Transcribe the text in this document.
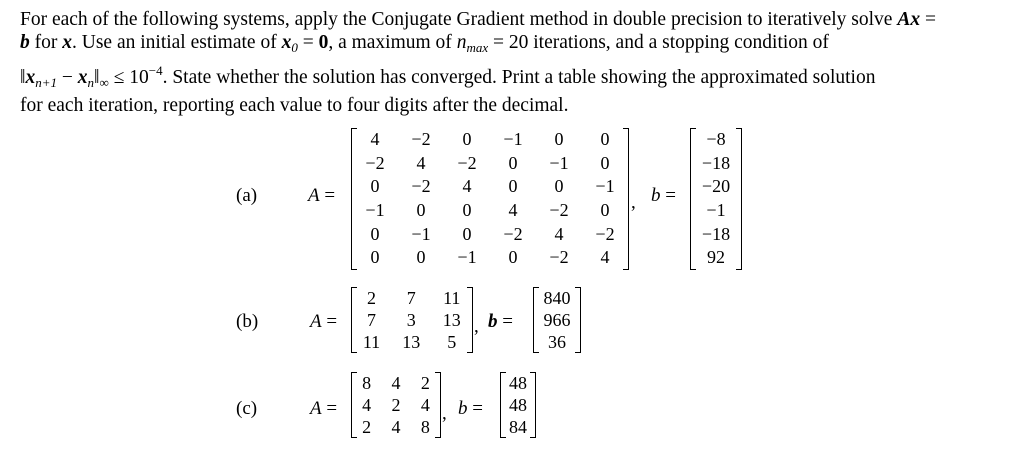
For each of the following systems, apply the Conjugate Gradient method in double precision to iteratively solve Ax =
b for x. Use an initial estimate of $x_0 = 0$, a maximum of $n_{max} = 20$ iterations, and a stopping condition of
$‖x_{n+1}$ − $x_n‖_\infty \le 10^{-4}$. State whether the solution has converged. Print a table showing the approximated solution
for each iteration, reporting each value to four digits after the decimal.
(a)	A =
4	−2	0	−1	0	0
−2	4	−2	0	−1	0
0	−2	4	0	0	−1
−1	0	0	4	−2	0
0	−1	0	−2	4	−2
0	0	−1	0	−2	4
, b =
−8
−18
−20
−1
−18
92
(b)	A =
2	7	11
7	3	13
11	13	5
, b =
840
966
36
(c)	A =
8	4	2
4	2	4
2	4	8
, b =
48
48
84
